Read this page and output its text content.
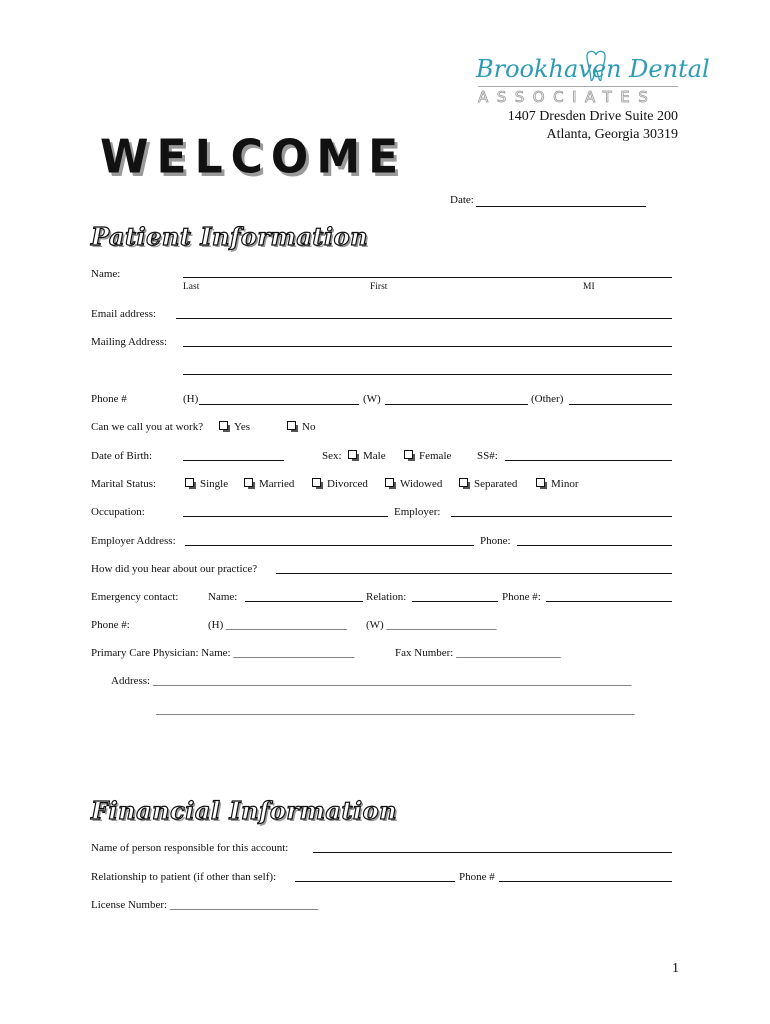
Brookhaven Dental
ASSOCIATES
1407 Dresden Drive Suite 200
Atlanta, Georgia 30319
WELCOME
Date:
Patient Information
Name:
Last	First	MI
Email address:
Mailing Address:
Phone #	(H)	(W)	(Other)
Can we call you at work?	Yes	No
Date of Birth:	Sex:	Male	Female SS#:
Marital Status:	Single	Married	Divorced	Widowed	Separated	Minor
Occupation:	Employer:
Employer Address:	Phone:
How did you hear about our practice?
Emergency contact:	Name:	Relation:	Phone #:
Phone #:	(H) ______________________ (W) ____________________
Primary Care Physician: Name: ______________________	Fax Number: ___________________
Address: _______________________________________________________________________________________
_______________________________________________________________________________________
Financial Information
Name of person responsible for this account:
Relationship to patient (if other than self):	Phone #
License Number: ___________________________
1
